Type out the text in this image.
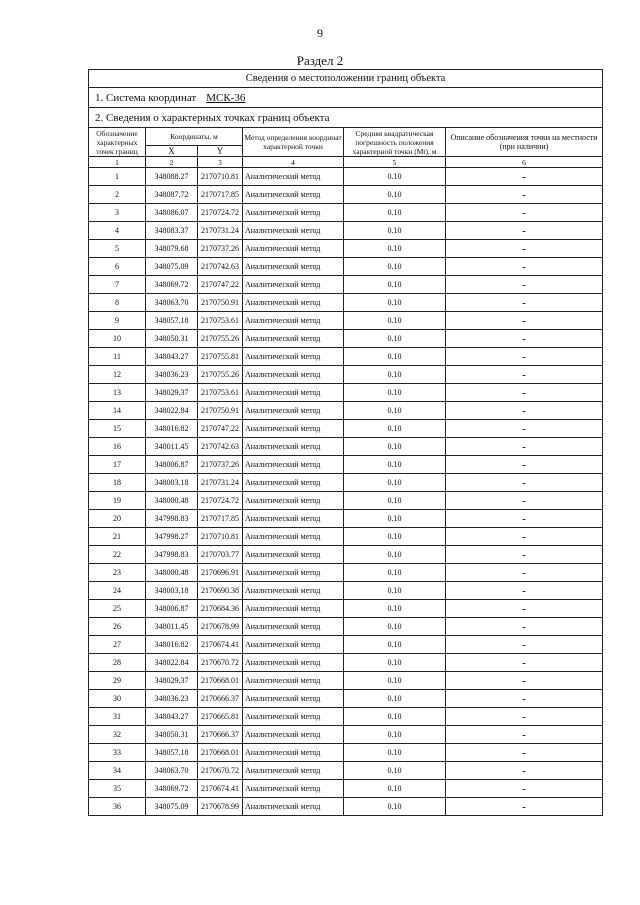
9
Раздел 2
Сведения о местоположении границ объекта					
1. Система координат МСК-36					
2. Сведения о характерных точках границ объекта					
Обозначение характерных точек границ	Координаты, м		Метод определения координат характерной точки	Средняя квадратическая погрешность положения характерной точки (Mt), м	Описание обозначения точки на местности (при наличии)
	X	Y			
1	2	3	4	5	6
1	348088.27	2170710.81	Аналитический метод	0.10	-
2	348087.72	2170717.85	Аналитический метод	0.10	-
3	348086.07	2170724.72	Аналитический метод	0.10	-
4	348083.37	2170731.24	Аналитический метод	0.10	-
5	348079.68	2170737.26	Аналитический метод	0.10	-
6	348075.09	2170742.63	Аналитический метод	0.10	-
7	348069.72	2170747.22	Аналитический метод	0.10	-
8	348063.70	2170750.91	Аналитический метод	0.10	-
9	348057.18	2170753.61	Аналитический метод	0.10	-
10	348050.31	2170755.26	Аналитический метод	0.10	-
11	348043.27	2170755.81	Аналитический метод	0.10	-
12	348036.23	2170755.26	Аналитический метод	0.10	-
13	348029.37	2170753.61	Аналитический метод	0.10	-
14	348022.84	2170750.91	Аналитический метод	0.10	-
15	348016.82	2170747.22	Аналитический метод	0.10	-
16	348011.45	2170742.63	Аналитический метод	0.10	-
17	348006.87	2170737.26	Аналитический метод	0.10	-
18	348003.18	2170731.24	Аналитический метод	0.10	-
19	348000.48	2170724.72	Аналитический метод	0.10	-
20	347998.83	2170717.85	Аналитический метод	0.10	-
21	347998.27	2170710.81	Аналитический метод	0.10	-
22	347998.83	2170703.77	Аналитический метод	0.10	-
23	348000.48	2170696.91	Аналитический метод	0.10	-
24	348003.18	2170690.38	Аналитический метод	0.10	-
25	348006.87	2170684.36	Аналитический метод	0.10	-
26	348011.45	2170678.99	Аналитический метод	0.10	-
27	348016.82	2170674.41	Аналитический метод	0.10	-
28	348022.84	2170670.72	Аналитический метод	0.10	-
29	348029.37	2170668.01	Аналитический метод	0.10	-
30	348036.23	2170666.37	Аналитический метод	0.10	-
31	348043.27	2170665.81	Аналитический метод	0.10	-
32	348050.31	2170666.37	Аналитический метод	0.10	-
33	348057.18	2170668.01	Аналитический метод	0.10	-
34	348063.70	2170670.72	Аналитический метод	0.10	-
35	348069.72	2170674.41	Аналитический метод	0.10	-
36	348075.09	2170678.99	Аналитический метод	0.10	-
